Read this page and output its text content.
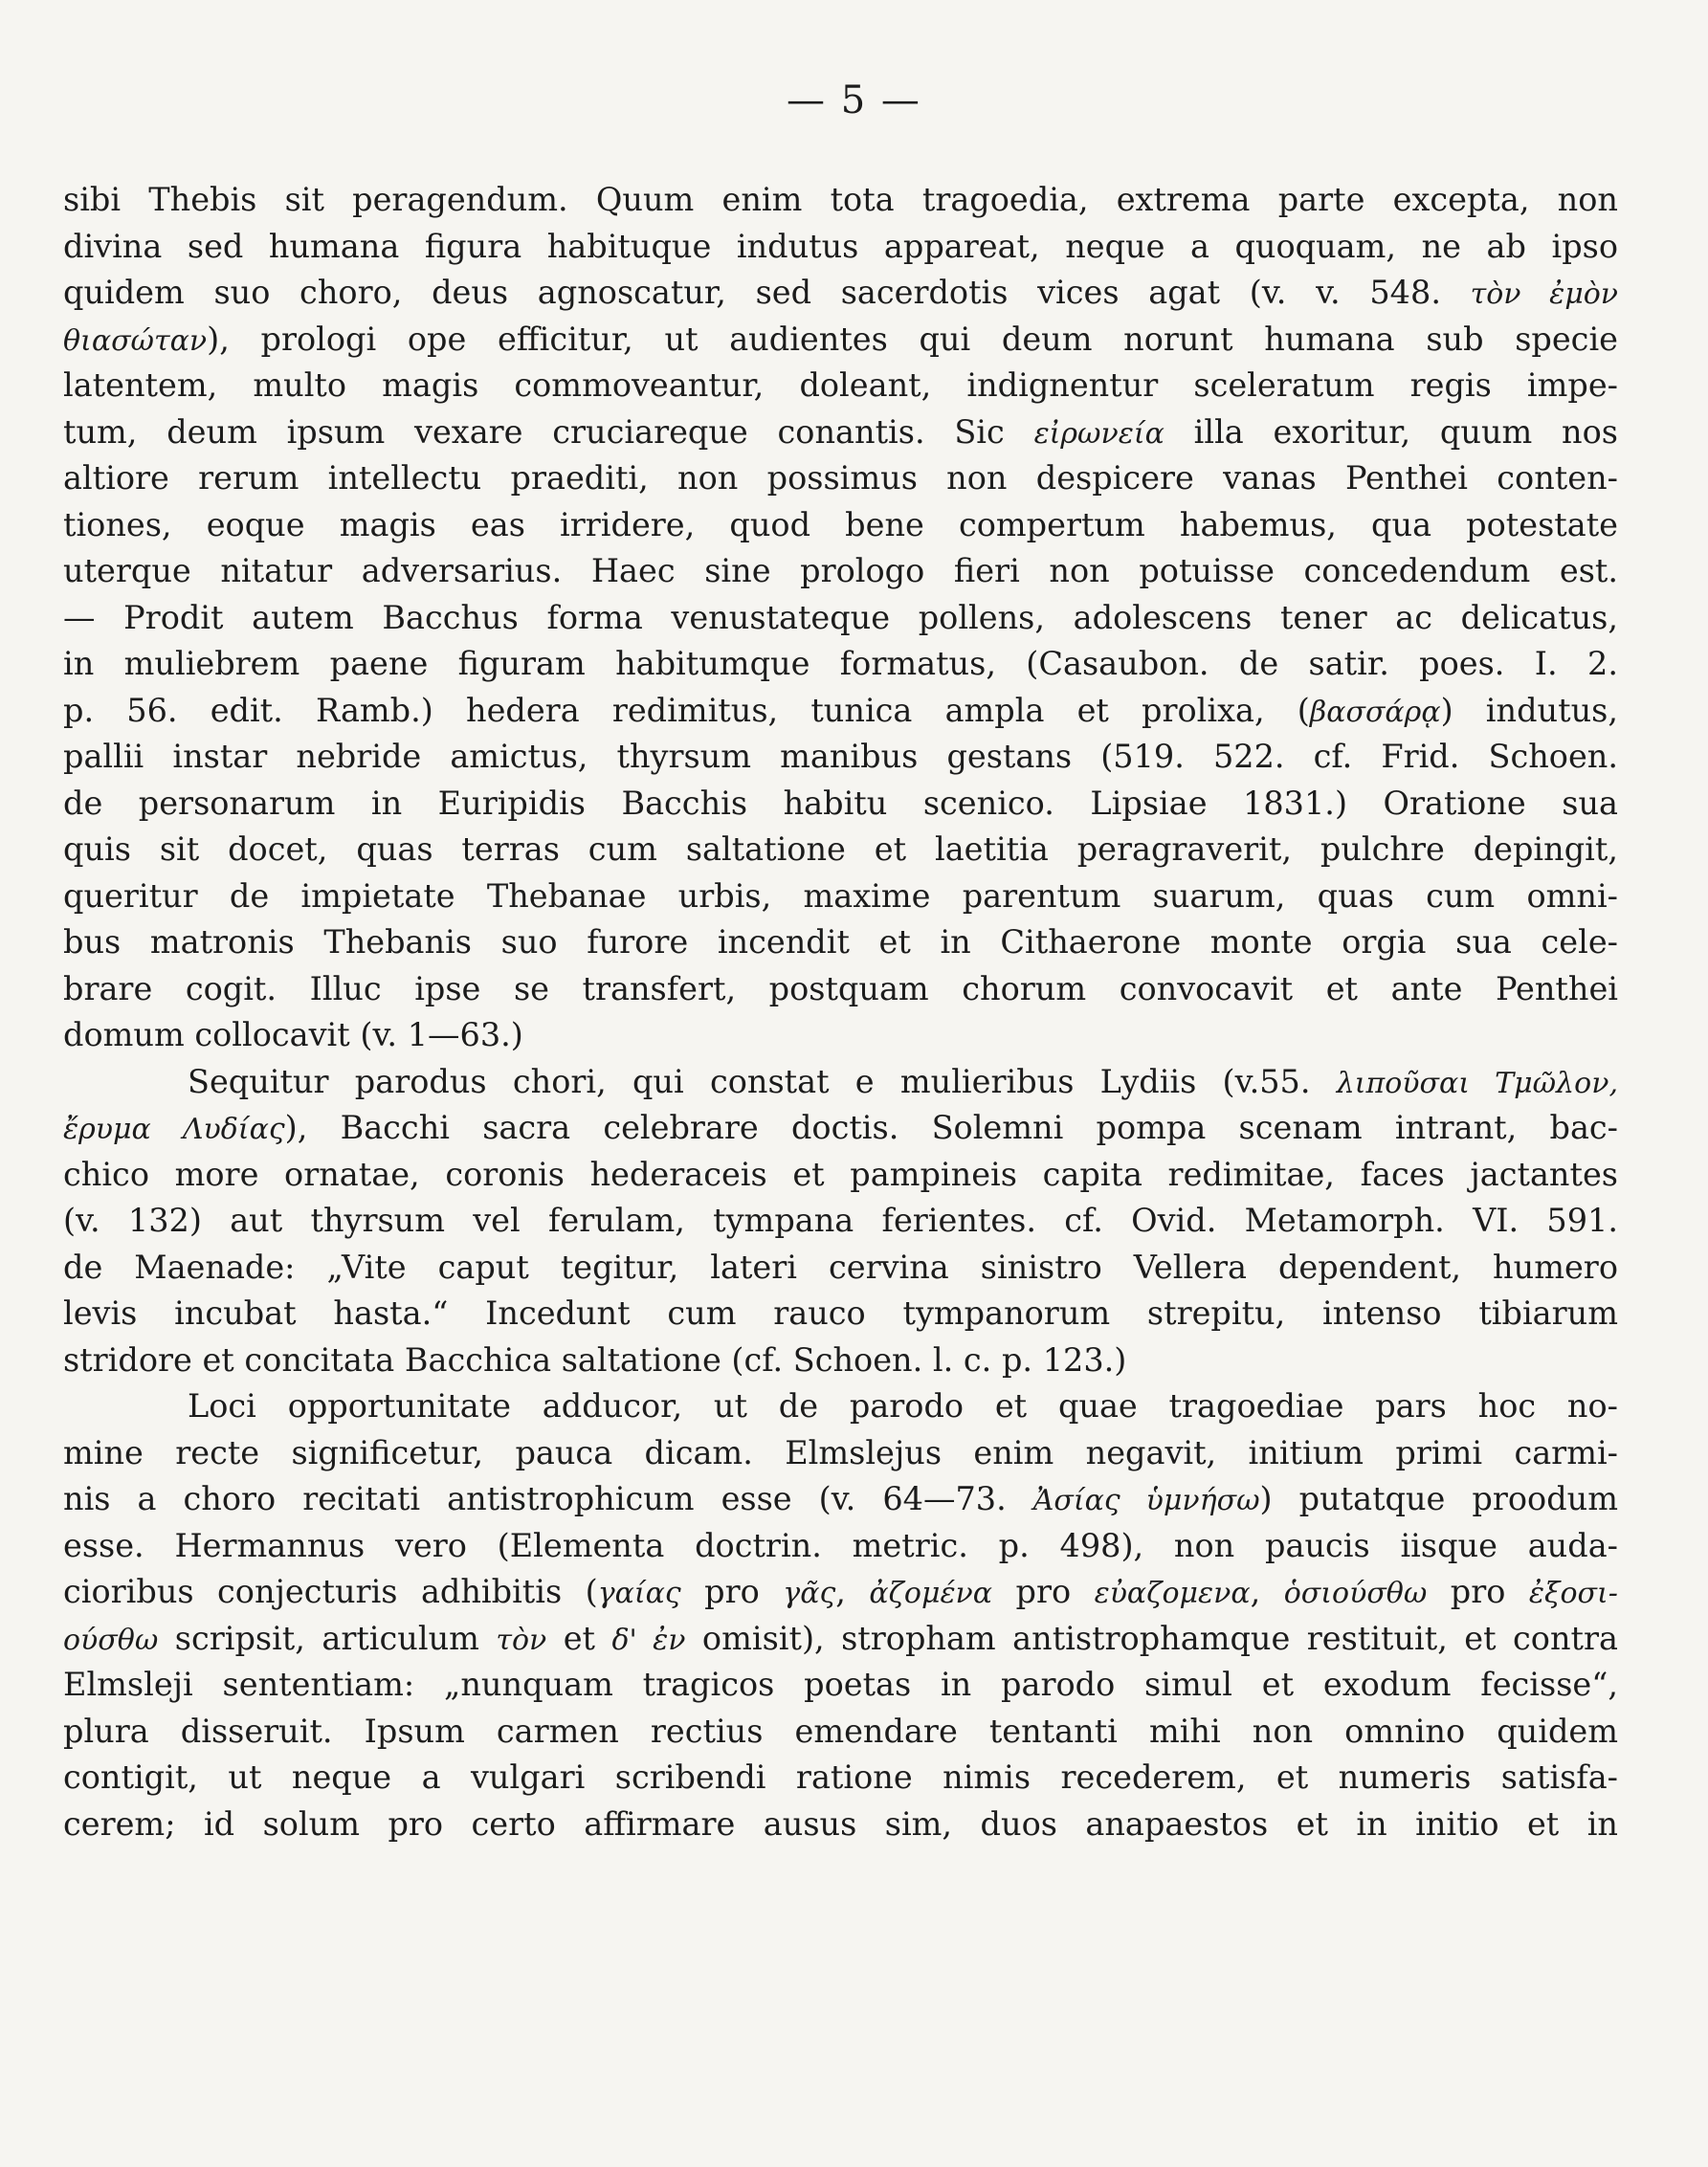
— 5 —
sibi Thebis sit peragendum. Quum enim tota tragoedia, extrema parte excepta, non
divina sed humana figura habituque indutus appareat, neque a quoquam, ne ab ipso
quidem suo choro, deus agnoscatur, sed sacerdotis vices agat (v. v. 548. τὸν ἐμὸν
θιασώταν), prologi ope efficitur, ut audientes qui deum norunt humana sub specie
latentem, multo magis commoveantur, doleant, indignentur sceleratum regis impe-
tum, deum ipsum vexare cruciareque conantis. Sic εἰρωνεία illa exoritur, quum nos
altiore rerum intellectu praediti, non possimus non despicere vanas Penthei conten-
tiones, eoque magis eas irridere, quod bene compertum habemus, qua potestate
uterque nitatur adversarius. Haec sine prologo fieri non potuisse concedendum est.
— Prodit autem Bacchus forma venustateque pollens, adolescens tener ac delicatus,
in muliebrem paene figuram habitumque formatus, (Casaubon. de satir. poes. I. 2.
p. 56. edit. Ramb.) hedera redimitus, tunica ampla et prolixa, (βασσάρᾳ) indutus,
pallii instar nebride amictus, thyrsum manibus gestans (519. 522. cf. Frid. Schoen.
de personarum in Euripidis Bacchis habitu scenico. Lipsiae 1831.) Oratione sua
quis sit docet, quas terras cum saltatione et laetitia peragraverit, pulchre depingit,
queritur de impietate Thebanae urbis, maxime parentum suarum, quas cum omni-
bus matronis Thebanis suo furore incendit et in Cithaerone monte orgia sua cele-
brare cogit. Illuc ipse se transfert, postquam chorum convocavit et ante Penthei
domum collocavit (v. 1—63.)
Sequitur parodus chori, qui constat e mulieribus Lydiis (v.55. λιποῦσαι Τμῶλον,
ἔρυμα Λυδίας), Bacchi sacra celebrare doctis. Solemni pompa scenam intrant, bac-
chico more ornatae, coronis hederaceis et pampineis capita redimitae, faces jactantes
(v. 132) aut thyrsum vel ferulam, tympana ferientes. cf. Ovid. Metamorph. VI. 591.
de Maenade: „Vite caput tegitur, lateri cervina sinistro Vellera dependent, humero
levis incubat hasta.“ Incedunt cum rauco tympanorum strepitu, intenso tibiarum
stridore et concitata Bacchica saltatione (cf. Schoen. l. c. p. 123.)
Loci opportunitate adducor, ut de parodo et quae tragoediae pars hoc no-
mine recte significetur, pauca dicam. Elmslejus enim negavit, initium primi carmi-
nis a choro recitati antistrophicum esse (v. 64—73. Ἀσίας ὑμνήσω) putatque proodum
esse. Hermannus vero (Elementa doctrin. metric. p. 498), non paucis iisque auda-
cioribus conjecturis adhibitis (γαίας pro γᾶς, ἀζομένα pro εὐαζομενα, ὁσιούσθω pro ἐξοσι-
ούσθω scripsit, articulum τὸν et δ' ἐν omisit), stropham antistrophamque restituit, et contra
Elmsleji sententiam: „nunquam tragicos poetas in parodo simul et exodum fecisse“,
plura disseruit. Ipsum carmen rectius emendare tentanti mihi non omnino quidem
contigit, ut neque a vulgari scribendi ratione nimis recederem, et numeris satisfa-
cerem; id solum pro certo affirmare ausus sim, duos anapaestos et in initio et in
